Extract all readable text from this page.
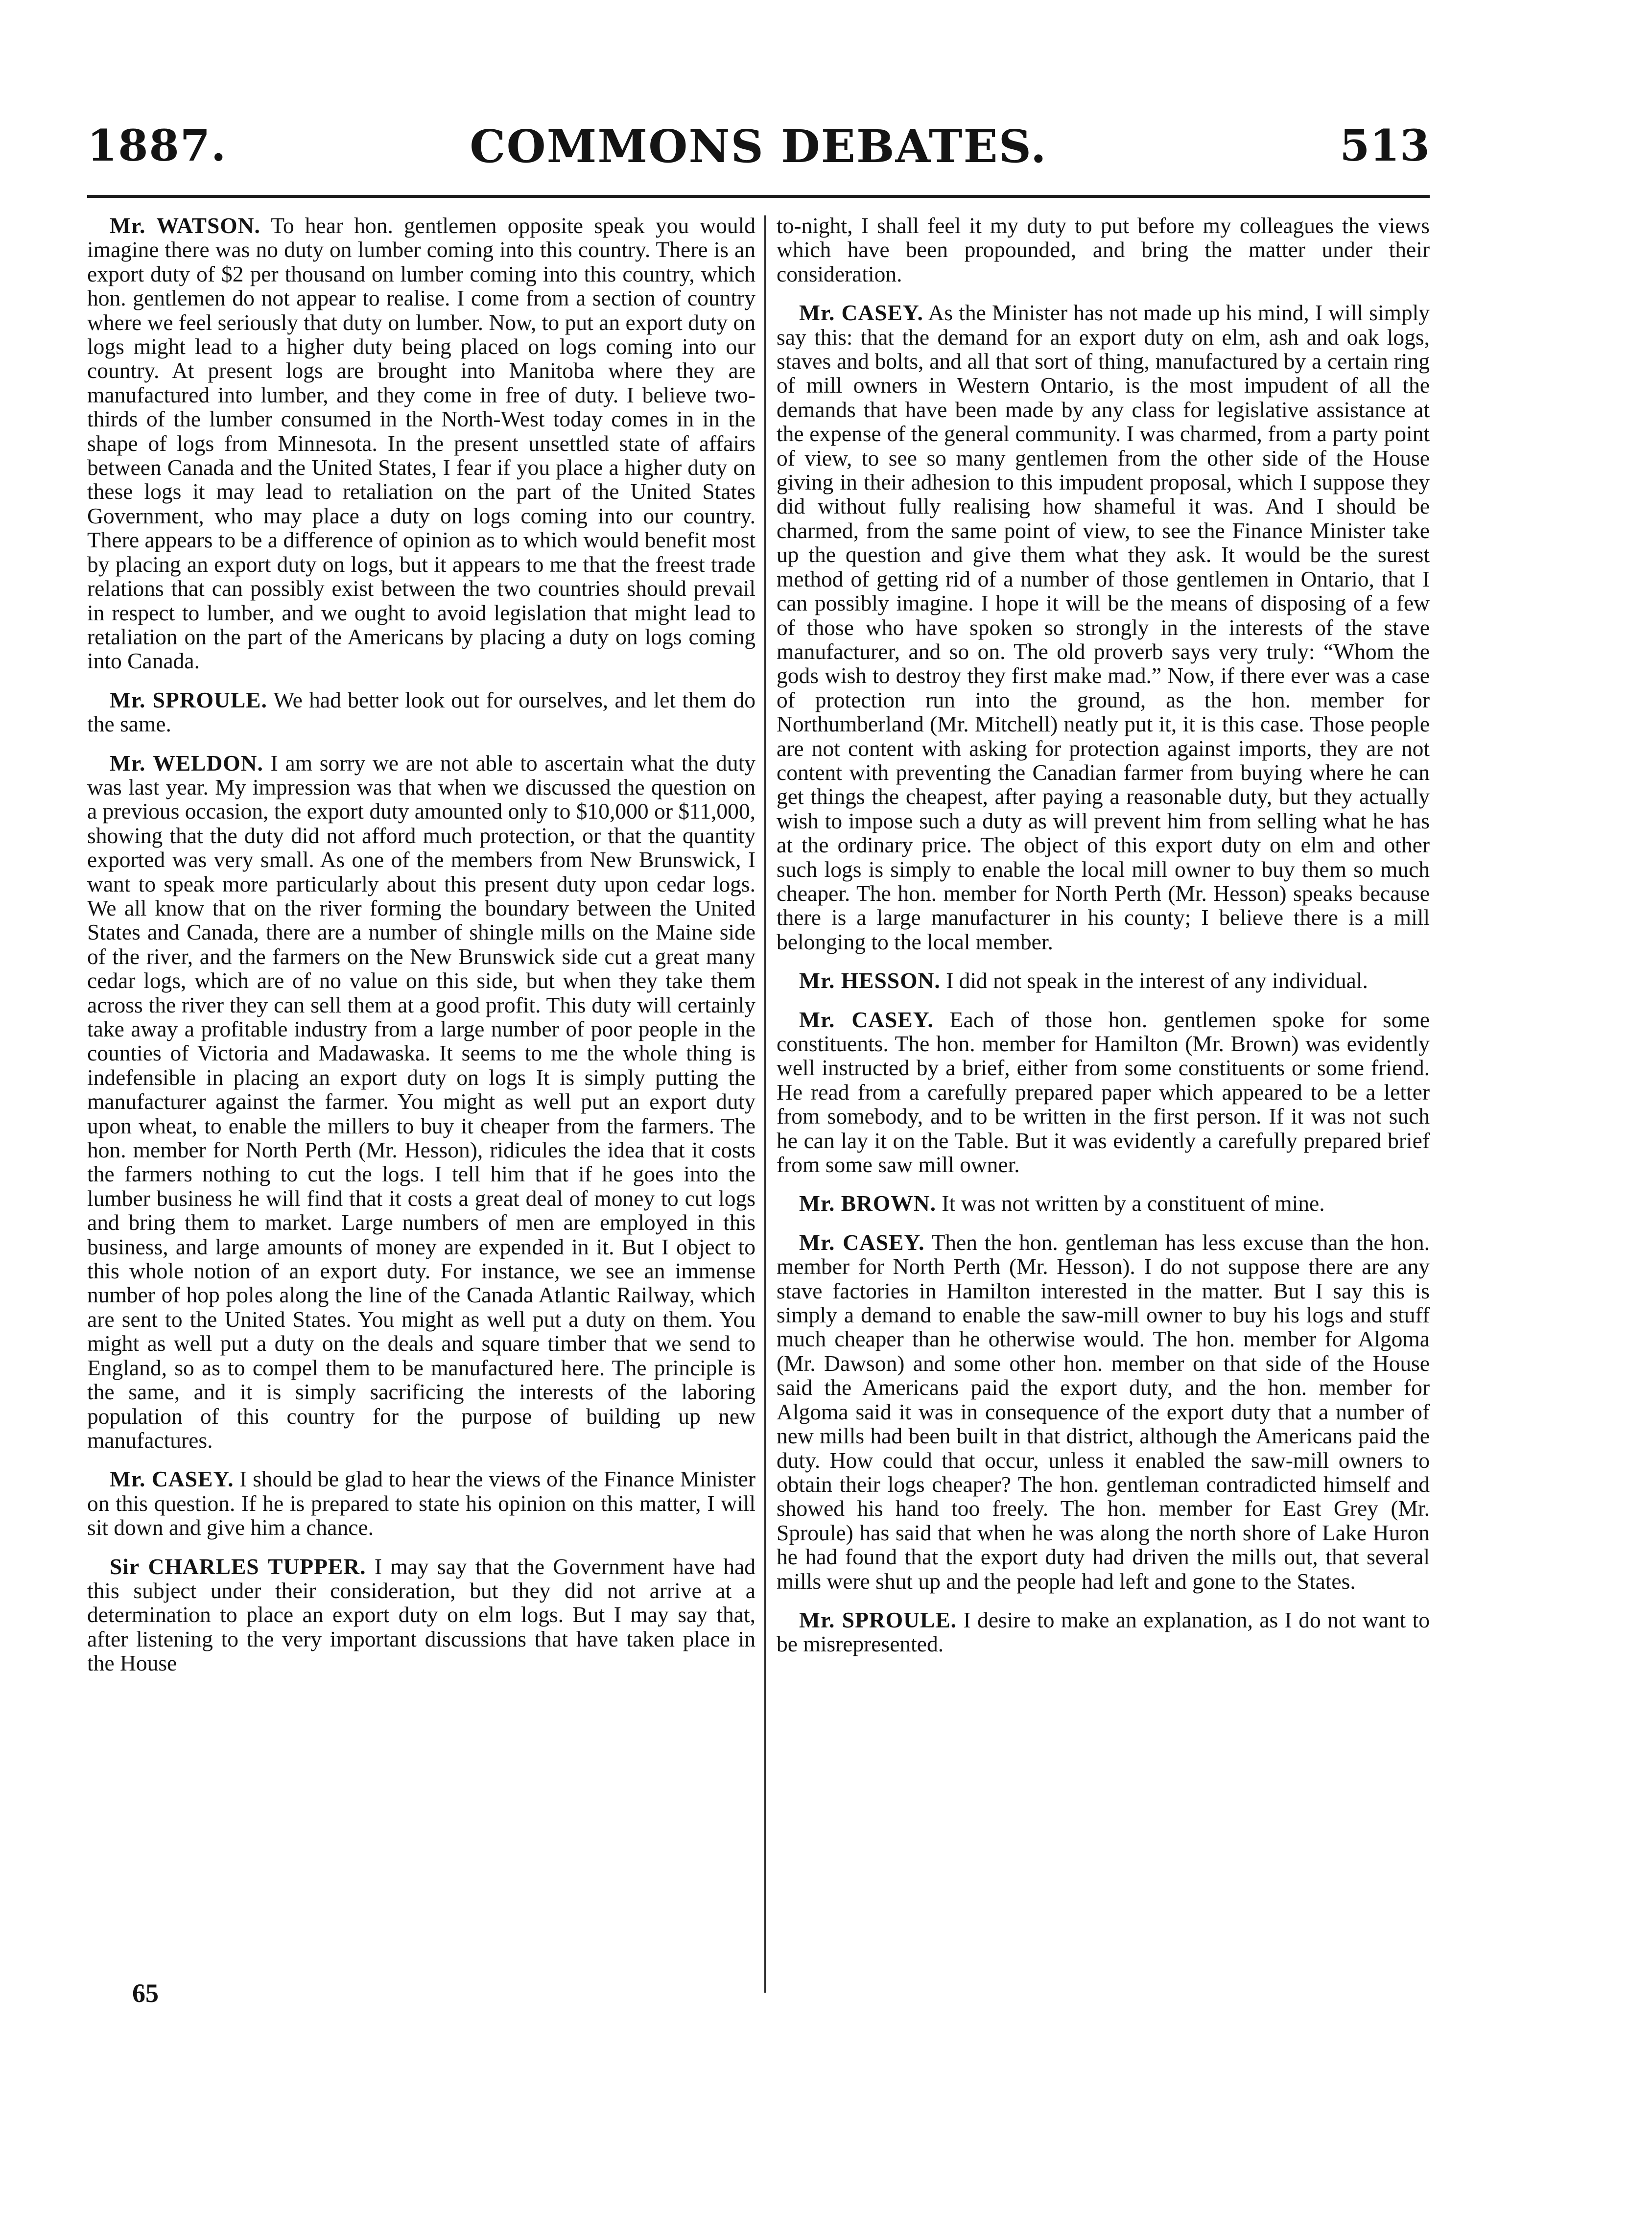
1887.	COMMONS DEBATES.	513

Mr. WATSON. To hear hon. gentlemen opposite speak you would imagine there was no duty on lumber coming into this country. There is an export duty of $2 per thousand on lumber coming into this country, which hon. gentlemen do not appear to realise. I come from a section of country where we feel seriously that duty on lumber. Now, to put an export duty on logs might lead to a higher duty being placed on logs coming into our country. At present logs are brought into Manitoba where they are manufactured into lumber, and they come in free of duty. I believe two-thirds of the lumber consumed in the North-West today comes in in the shape of logs from Minnesota. In the present unsettled state of affairs between Canada and the United States, I fear if you place a higher duty on these logs it may lead to retaliation on the part of the United States Government, who may place a duty on logs coming into our country. There appears to be a difference of opinion as to which would benefit most by placing an export duty on logs, but it appears to me that the freest trade relations that can possibly exist between the two countries should prevail in respect to lumber, and we ought to avoid legislation that might lead to retaliation on the part of the Americans by placing a duty on logs coming into Canada.

Mr. SPROULE. We had better look out for ourselves, and let them do the same.

Mr. WELDON. I am sorry we are not able to ascertain what the duty was last year. My impression was that when we discussed the question on a previous occasion, the export duty amounted only to $10,000 or $11,000, showing that the duty did not afford much protection, or that the quantity exported was very small. As one of the members from New Brunswick, I want to speak more particularly about this present duty upon cedar logs. We all know that on the river forming the boundary between the United States and Canada, there are a number of shingle mills on the Maine side of the river, and the farmers on the New Brunswick side cut a great many cedar logs, which are of no value on this side, but when they take them across the river they can sell them at a good profit. This duty will certainly take away a profitable industry from a large number of poor people in the counties of Victoria and Madawaska. It seems to me the whole thing is indefensible in placing an export duty on logs It is simply putting the manufacturer against the farmer. You might as well put an export duty upon wheat, to enable the millers to buy it cheaper from the farmers. The hon. member for North Perth (Mr. Hesson), ridicules the idea that it costs the farmers nothing to cut the logs. I tell him that if he goes into the lumber business he will find that it costs a great deal of money to cut logs and bring them to market. Large numbers of men are employed in this business, and large amounts of money are expended in it. But I object to this whole notion of an export duty. For instance, we see an immense number of hop poles along the line of the Canada Atlantic Railway, which are sent to the United States. You might as well put a duty on them. You might as well put a duty on the deals and square timber that we send to England, so as to compel them to be manufactured here. The principle is the same, and it is simply sacrificing the interests of the laboring population of this country for the purpose of building up new manufactures.

Mr. CASEY. I should be glad to hear the views of the Finance Minister on this question. If he is prepared to state his opinion on this matter, I will sit down and give him a chance.

Sir CHARLES TUPPER. I may say that the Government have had this subject under their consideration, but they did not arrive at a determination to place an export duty on elm logs. But I may say that, after listening to the very important discussions that have taken place in the House

to-night, I shall feel it my duty to put before my colleagues the views which have been propounded, and bring the matter under their consideration.

Mr. CASEY. As the Minister has not made up his mind, I will simply say this: that the demand for an export duty on elm, ash and oak logs, staves and bolts, and all that sort of thing, manufactured by a certain ring of mill owners in Western Ontario, is the most impudent of all the demands that have been made by any class for legislative assistance at the expense of the general community. I was charmed, from a party point of view, to see so many gentlemen from the other side of the House giving in their adhesion to this impudent proposal, which I suppose they did without fully realising how shameful it was. And I should be charmed, from the same point of view, to see the Finance Minister take up the question and give them what they ask. It would be the surest method of getting rid of a number of those gentlemen in Ontario, that I can possibly imagine. I hope it will be the means of disposing of a few of those who have spoken so strongly in the interests of the stave manufacturer, and so on. The old proverb says very truly: “Whom the gods wish to destroy they first make mad.” Now, if there ever was a case of protection run into the ground, as the hon. member for Northumberland (Mr. Mitchell) neatly put it, it is this case. Those people are not content with asking for protection against imports, they are not content with preventing the Canadian farmer from buying where he can get things the cheapest, after paying a reasonable duty, but they actually wish to impose such a duty as will prevent him from selling what he has at the ordinary price. The object of this export duty on elm and other such logs is simply to enable the local mill owner to buy them so much cheaper. The hon. member for North Perth (Mr. Hesson) speaks because there is a large manufacturer in his county; I believe there is a mill belonging to the local member.

Mr. HESSON. I did not speak in the interest of any individual.

Mr. CASEY. Each of those hon. gentlemen spoke for some constituents. The hon. member for Hamilton (Mr. Brown) was evidently well instructed by a brief, either from some constituents or some friend. He read from a carefully prepared paper which appeared to be a letter from somebody, and to be written in the first person. If it was not such he can lay it on the Table. But it was evidently a carefully prepared brief from some saw mill owner.

Mr. BROWN. It was not written by a constituent of mine.

Mr. CASEY. Then the hon. gentleman has less excuse than the hon. member for North Perth (Mr. Hesson). I do not suppose there are any stave factories in Hamilton interested in the matter. But I say this is simply a demand to enable the saw-mill owner to buy his logs and stuff much cheaper than he otherwise would. The hon. member for Algoma (Mr. Dawson) and some other hon. member on that side of the House said the Americans paid the export duty, and the hon. member for Algoma said it was in consequence of the export duty that a number of new mills had been built in that district, although the Americans paid the duty. How could that occur, unless it enabled the saw-mill owners to obtain their logs cheaper? The hon. gentleman contradicted himself and showed his hand too freely. The hon. member for East Grey (Mr. Sproule) has said that when he was along the north shore of Lake Huron he had found that the export duty had driven the mills out, that several mills were shut up and the people had left and gone to the States.

Mr. SPROULE. I desire to make an explanation, as I do not want to be misrepresented.

65
